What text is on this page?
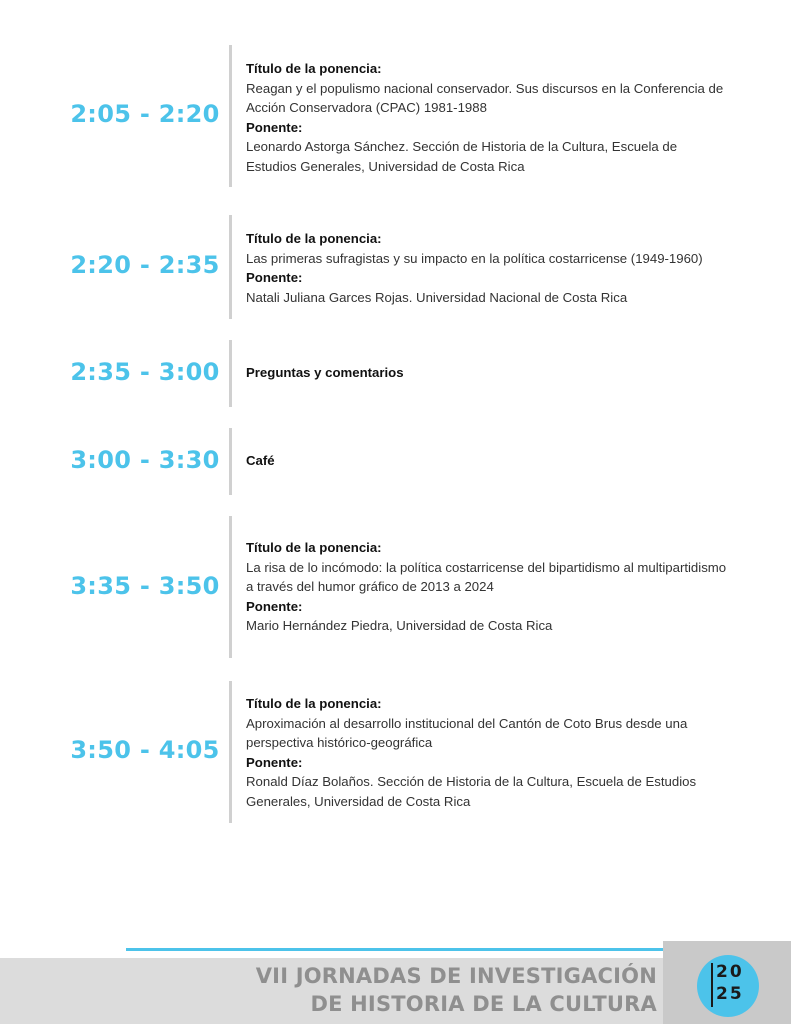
2:05 - 2:20
Título de la ponencia:
Reagan y el populismo nacional conservador. Sus discursos en la Conferencia de Acción Conservadora (CPAC) 1981-1988
Ponente:
Leonardo Astorga Sánchez. Sección de Historia de la Cultura, Escuela de Estudios Generales, Universidad de Costa Rica
2:20 - 2:35
Título de la ponencia:
Las primeras sufragistas y su impacto en la política costarricense (1949-1960)
Ponente:
Natali Juliana Garces Rojas. Universidad Nacional de Costa Rica
2:35 - 3:00	Preguntas y comentarios
3:00 - 3:30	Café
3:35 - 3:50
Título de la ponencia:
La risa de lo incómodo: la política costarricense del bipartidismo al multipartidismo a través del humor gráfico de 2013 a 2024
Ponente:
Mario Hernández Piedra, Universidad de Costa Rica
3:50 - 4:05
Título de la ponencia:
Aproximación al desarrollo institucional del Cantón de Coto Brus desde una perspectiva histórico-geográfica
Ponente:
Ronald Díaz Bolaños. Sección de Historia de la Cultura, Escuela de Estudios Generales, Universidad de Costa Rica
VII JORNADAS DE INVESTIGACIÓN
DE HISTORIA DE LA CULTURA
20
25
